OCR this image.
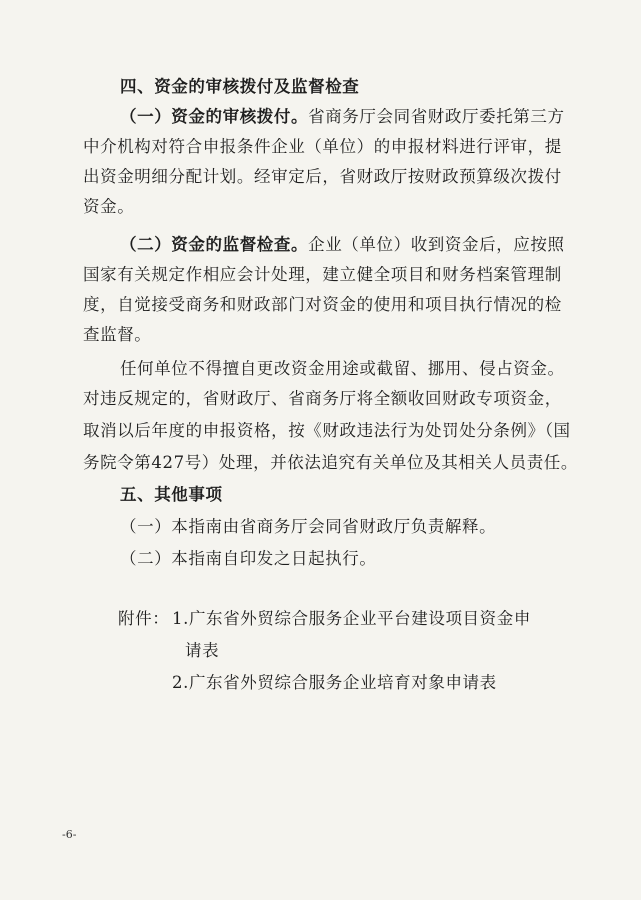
四、资金的审核拨付及监督检查
（一）资金的审核拨付。省商务厅会同省财政厅委托第三方
中介机构对符合申报条件企业（单位）的申报材料进行评审，提
出资金明细分配计划。经审定后，省财政厅按财政预算级次拨付
资金。
（二）资金的监督检查。企业（单位）收到资金后，应按照
国家有关规定作相应会计处理，建立健全项目和财务档案管理制
度，自觉接受商务和财政部门对资金的使用和项目执行情况的检
查监督。
任何单位不得擅自更改资金用途或截留、挪用、侵占资金。
对违反规定的，省财政厅、省商务厅将全额收回财政专项资金，
取消以后年度的申报资格，按《财政违法行为处罚处分条例》（国
务院令第427号）处理，并依法追究有关单位及其相关人员责任。
五、其他事项
（一）本指南由省商务厅会同省财政厅负责解释。
（二）本指南自印发之日起执行。
附件： 1.广东省外贸综合服务企业平台建设项目资金申
请表
2.广东省外贸综合服务企业培育对象申请表
-6-
